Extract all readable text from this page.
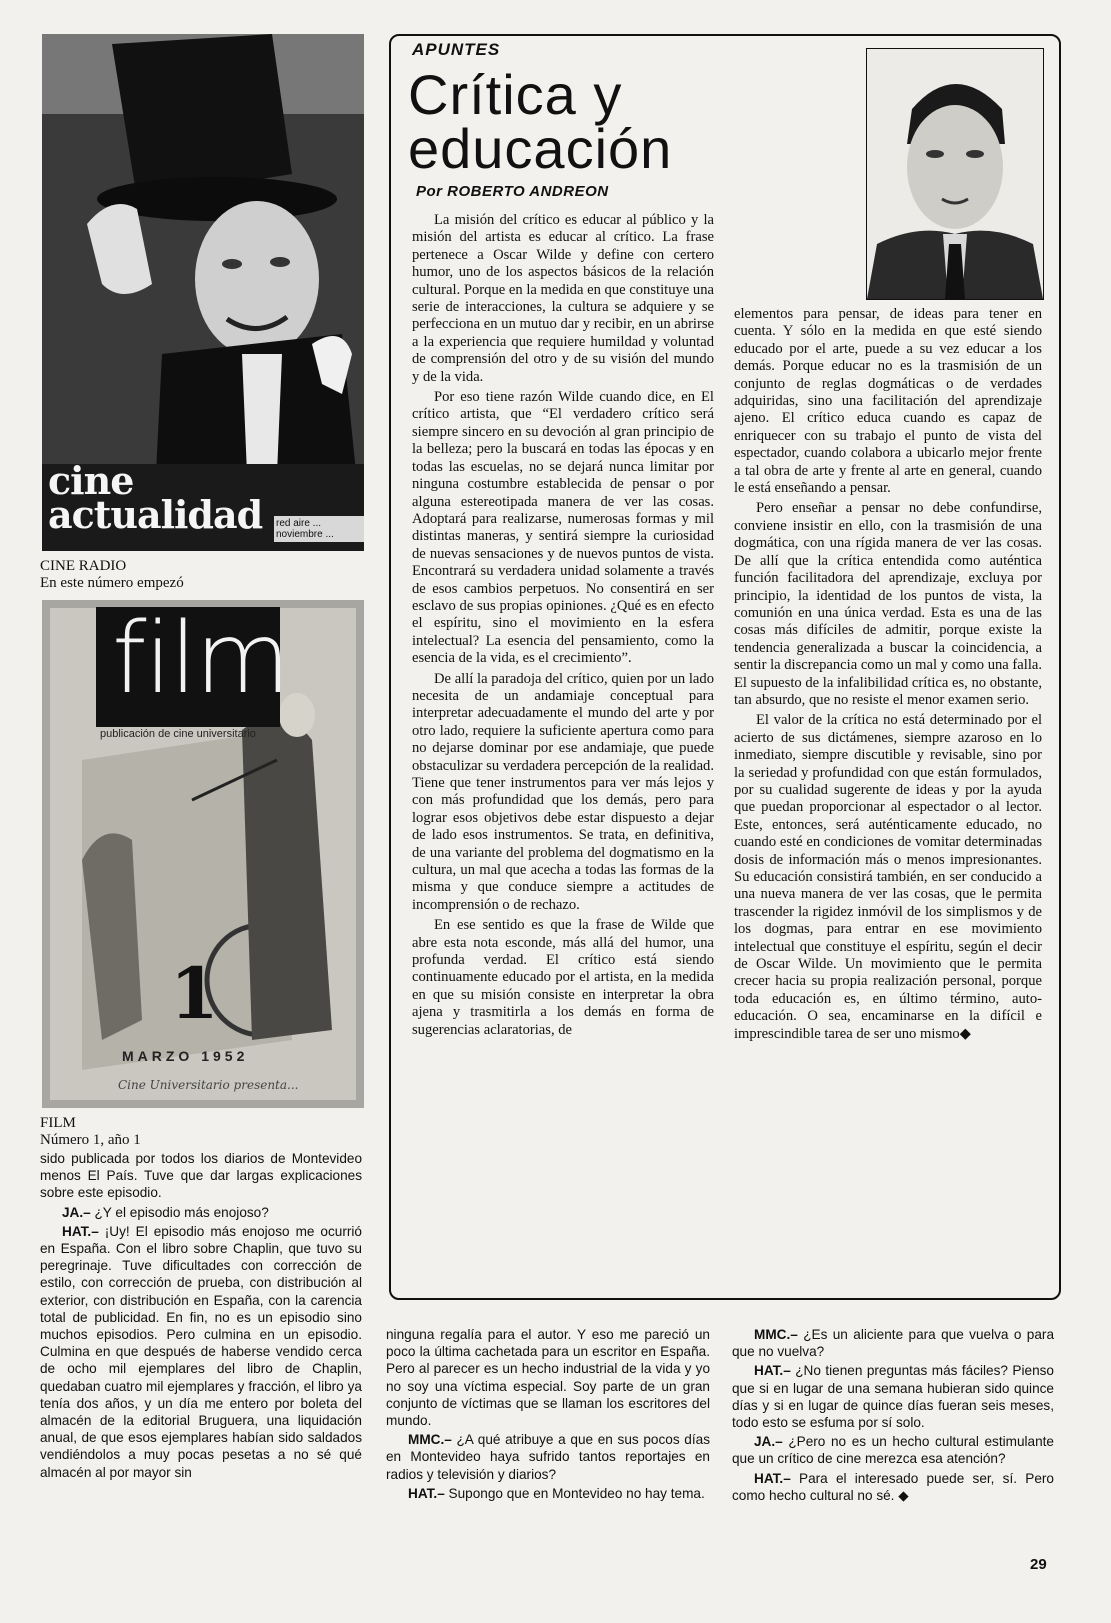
cine actualidad red aire ... noviembre ...
CINE RADIO
En este número empezó
film
publicación de cine universitario
1
MARZO 1952
Cine Universitario presenta...
FILM
Número 1, año 1
APUNTES
Crítica y
educación
Por ROBERTO ANDREON

La misión del crítico es educar al público y la misión del artista es educar al crítico. La frase pertenece a Oscar Wilde y define con certero humor, uno de los aspectos básicos de la relación cultural. Porque en la medida en que constituye una serie de interacciones, la cultura se adquiere y se perfecciona en un mutuo dar y recibir, en un abrirse a la experiencia que requiere humildad y voluntad de comprensión del otro y de su visión del mundo y de la vida.

Por eso tiene razón Wilde cuando dice, en El crítico artista, que “El verdadero crítico será siempre sincero en su devoción al gran principio de la belleza; pero la buscará en todas las épocas y en todas las escuelas, no se dejará nunca limitar por ninguna costumbre establecida de pensar o por alguna estereotipada manera de ver las cosas. Adoptará para realizarse, numerosas formas y mil distintas maneras, y sentirá siempre la curiosidad de nuevas sensaciones y de nuevos puntos de vista. Encontrará su verdadera unidad solamente a través de esos cambios perpetuos. No consentirá en ser esclavo de sus propias opiniones. ¿Qué es en efecto el espíritu, sino el movimiento en la esfera intelectual? La esencia del pensamiento, como la esencia de la vida, es el crecimiento”.

De allí la paradoja del crítico, quien por un lado necesita de un andamiaje conceptual para interpretar adecuadamente el mundo del arte y por otro lado, requiere la suficiente apertura como para no dejarse dominar por ese andamiaje, que puede obstaculizar su verdadera percepción de la realidad. Tiene que tener instrumentos para ver más lejos y con más profundidad que los demás, pero para lograr esos objetivos debe estar dispuesto a dejar de lado esos instrumentos. Se trata, en definitiva, de una variante del problema del dogmatismo en la cultura, un mal que acecha a todas las formas de la misma y que conduce siempre a actitudes de incomprensión o de rechazo.

En ese sentido es que la frase de Wilde que abre esta nota esconde, más allá del humor, una profunda verdad. El crítico está siendo continuamente educado por el artista, en la medida en que su misión consiste en interpretar la obra ajena y trasmitirla a los demás en forma de sugerencias aclaratorias, de

elementos para pensar, de ideas para tener en cuenta. Y sólo en la medida en que esté siendo educado por el arte, puede a su vez educar a los demás. Porque educar no es la trasmisión de un conjunto de reglas dogmáticas o de verdades adquiridas, sino una facilitación del aprendizaje ajeno. El crítico educa cuando es capaz de enriquecer con su trabajo el punto de vista del espectador, cuando colabora a ubicarlo mejor frente a tal obra de arte y frente al arte en general, cuando le está enseñando a pensar.

Pero enseñar a pensar no debe confundirse, conviene insistir en ello, con la trasmisión de una dogmática, con una rígida manera de ver las cosas. De allí que la crítica entendida como auténtica función facilitadora del aprendizaje, excluya por principio, la identidad de los puntos de vista, la comunión en una única verdad. Esta es una de las cosas más difíciles de admitir, porque existe la tendencia generalizada a buscar la coincidencia, a sentir la discrepancia como un mal y como una falla. El supuesto de la infalibilidad crítica es, no obstante, tan absurdo, que no resiste el menor examen serio.

El valor de la crítica no está determinado por el acierto de sus dictámenes, siempre azaroso en lo inmediato, siempre discutible y revisable, sino por la seriedad y profundidad con que están formulados, por su cualidad sugerente de ideas y por la ayuda que puedan proporcionar al espectador o al lector. Este, entonces, será auténticamente educado, no cuando esté en condiciones de vomitar determinadas dosis de información más o menos impresionantes. Su educación consistirá también, en ser conducido a una nueva manera de ver las cosas, que le permita trascender la rigidez inmóvil de los simplismos y de los dogmas, para entrar en ese movimiento intelectual que constituye el espíritu, según el decir de Oscar Wilde. Un movimiento que le permita crecer hacia su propia realización personal, porque toda educación es, en último término, auto-educación. O sea, encaminarse en la difícil e imprescindible tarea de ser uno mismo◆

sido publicada por todos los diarios de Montevideo menos El País. Tuve que dar largas explicaciones sobre este episodio.

JA.– ¿Y el episodio más enojoso?

HAT.– ¡Uy! El episodio más enojoso me ocurrió en España. Con el libro sobre Chaplin, que tuvo su peregrinaje. Tuve dificultades con corrección de estilo, con corrección de prueba, con distribución al exterior, con distribución en España, con la carencia total de publicidad. En fin, no es un episodio sino muchos episodios. Pero culmina en un episodio. Culmina en que después de haberse vendido cerca de ocho mil ejemplares del libro de Chaplin, quedaban cuatro mil ejemplares y fracción, el libro ya tenía dos años, y un día me entero por boleta del almacén de la editorial Bruguera, una liquidación anual, de que esos ejemplares habían sido saldados vendiéndolos a muy pocas pesetas a no sé qué almacén al por mayor sin

ninguna regalía para el autor. Y eso me pareció un poco la última cachetada para un escritor en España. Pero al parecer es un hecho industrial de la vida y yo no soy una víctima especial. Soy parte de un gran conjunto de víctimas que se llaman los escritores del mundo.

MMC.– ¿A qué atribuye a que en sus pocos días en Montevideo haya sufrido tantos reportajes en radios y televisión y diarios?

HAT.– Supongo que en Montevideo no hay tema.

MMC.– ¿Es un aliciente para que vuelva o para que no vuelva?

HAT.– ¿No tienen preguntas más fáciles? Pienso que si en lugar de una semana hubieran sido quince días y si en lugar de quince días fueran seis meses, todo esto se esfuma por sí solo.

JA.– ¿Pero no es un hecho cultural estimulante que un crítico de cine merezca esa atención?

HAT.– Para el interesado puede ser, sí. Pero como hecho cultural no sé. ◆

29
